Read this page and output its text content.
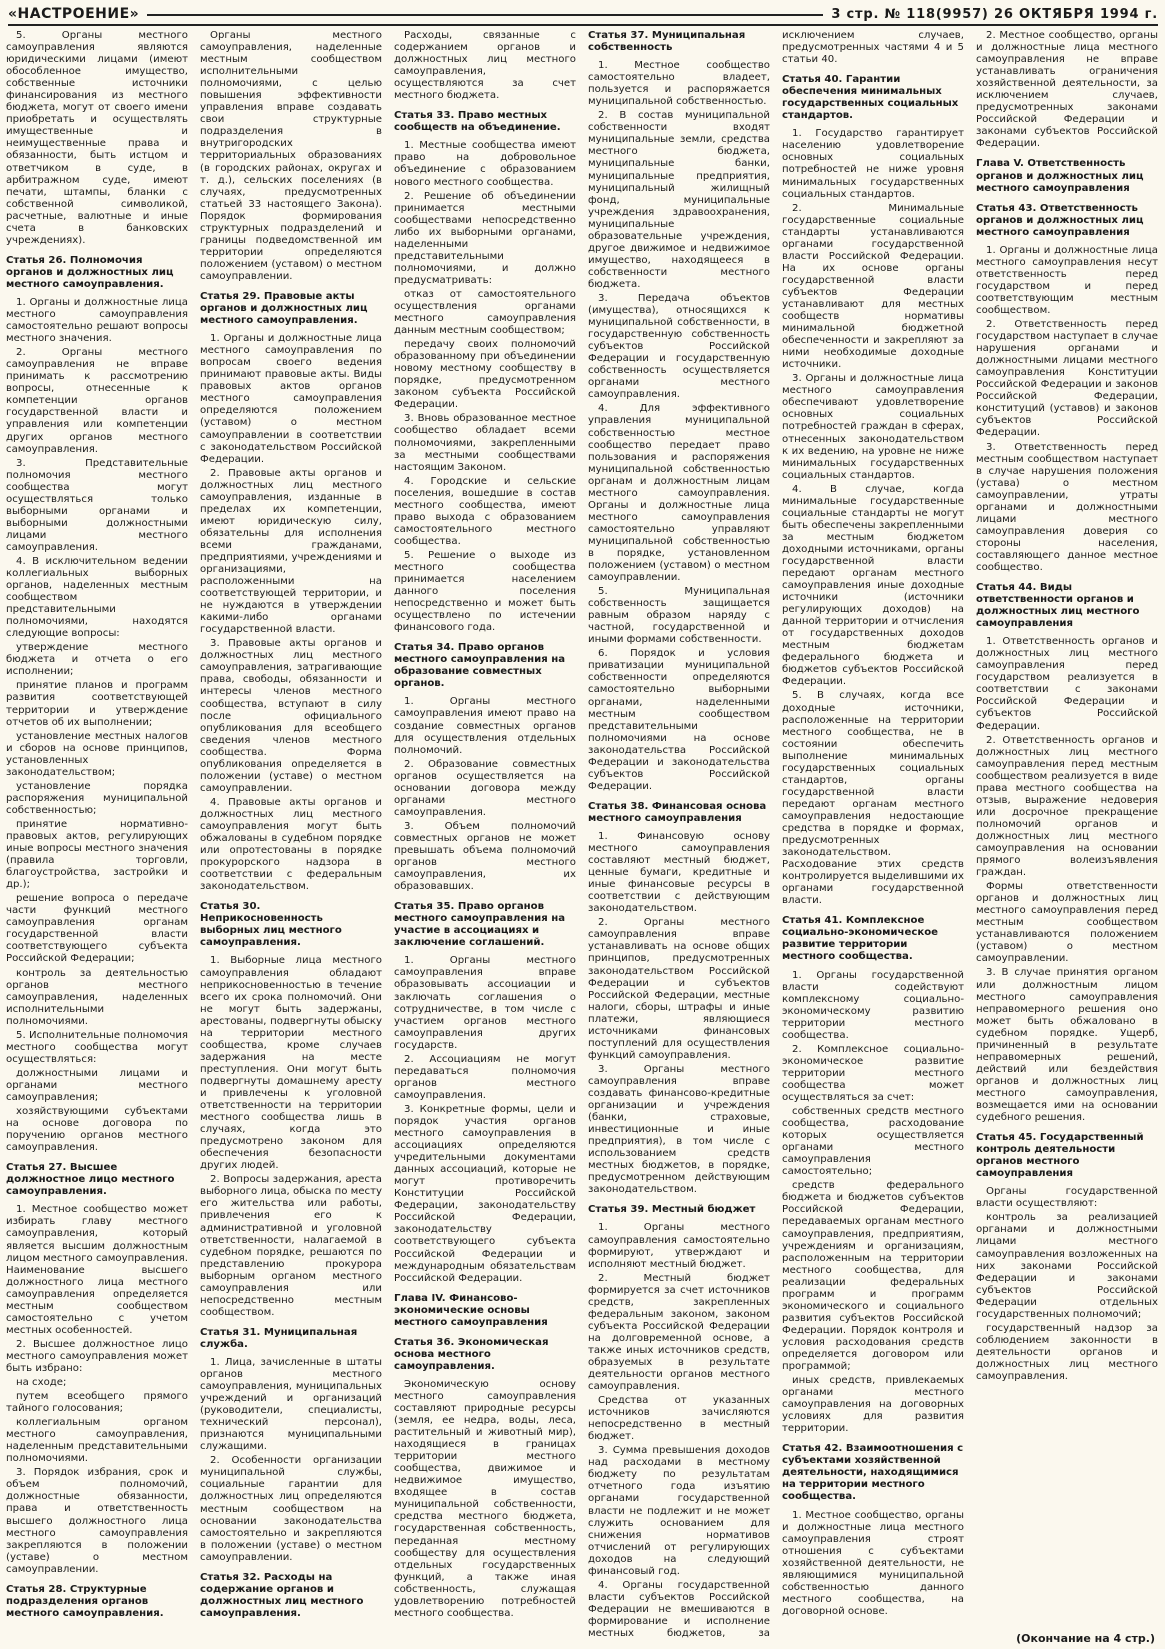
«НАСТРОЕНИЕ»	3 стр. № 118(9957) 26 ОКТЯБРЯ 1994 г.

5. Органы местного самоуправления являются юридическими лицами (имеют обособленное имущество, собственные источники финансирования из местного бюджета, могут от своего имени приобретать и осуществлять имущественные и неимущественные права и обязанности, быть истцом и ответчиком в суде, в арбитражном суде, имеют печати, штампы, бланки с собственной символикой, расчетные, валютные и иные счета в банковских учреждениях).

Статья 26. Полномочия органов и должностных лиц местного самоуправления.

1. Органы и должностные лица местного самоуправления самостоятельно решают вопросы местного значения.

2. Органы местного самоуправления не вправе принимать к рассмотрению вопросы, отнесенные к компетенции органов государственной власти и управления или компетенции других органов местного самоуправления.

3. Представительные полномочия местного сообщества могут осуществляться только выборными органами и выборными должностными лицами местного самоуправления.

4. В исключительном ведении коллегиальных выборных органов, наделенных местным сообществом представительными полномочиями, находятся следующие вопросы:

утверждение местного бюджета и отчета о его исполнении;

принятие планов и программ развития соответствующей территории и утверждение отчетов об их выполнении;

установление местных налогов и сборов на основе принципов, установленных законодательством;

установление порядка распоряжения муниципальной собственностью;

принятие нормативно-правовых актов, регулирующих иные вопросы местного значения (правила торговли, благоустройства, застройки и др.);

решение вопроса о передаче части функций местного самоуправления органам государственной власти соответствующего субъекта Российской Федерации;

контроль за деятельностью органов местного самоуправления, наделенных исполнительными полномочиями.

5. Исполнительные полномочия местного сообщества могут осуществляться:

должностными лицами и органами местного самоуправления;

хозяйствующими субъектами на основе договора по поручению органов местного самоуправления.

Статья 27. Высшее должностное лицо местного самоуправления.

1. Местное сообщество может избирать главу местного самоуправления, который является высшим должностным лицом местного самоуправления. Наименование высшего должностного лица местного самоуправления определяется местным сообществом самостоятельно с учетом местных особенностей.

2. Высшее должностное лицо местного самоуправления может быть избрано:

на сходе;

путем всеобщего прямого тайного голосования;

коллегиальным органом местного самоуправления, наделенным представительными полномочиями.

3. Порядок избрания, срок и объем полномочий, должностные обязанности, права и ответственность высшего должностного лица местного самоуправления закрепляются в положении (уставе) о местном самоуправлении.

Статья 28. Структурные подразделения органов местного самоуправления.

Органы местного самоуправления, наделенные местным сообществом исполнительными полномочиями, с целью повышения эффективности управления вправе создавать свои структурные подразделения в внутригородских территориальных образованиях (в городских районах, округах и т. д.), сельских поселениях (в случаях, предусмотренных статьей 33 настоящего Закона). Порядок формирования структурных подразделений и границы подведомственной им территории определяются положением (уставом) о местном самоуправлении.

Статья 29. Правовые акты органов и должностных лиц местного самоуправления.

1. Органы и должностные лица местного самоуправления по вопросам своего ведения принимают правовые акты. Виды правовых актов органов местного самоуправления определяются положением (уставом) о местном самоуправлении в соответствии с законодательством Российской Федерации.

2. Правовые акты органов и должностных лиц местного самоуправления, изданные в пределах их компетенции, имеют юридическую силу, обязательны для исполнения всеми гражданами, предприятиями, учреждениями и организациями, расположенными на соответствующей территории, и не нуждаются в утверждении какими-либо органами государственной власти.

3. Правовые акты органов и должностных лиц местного самоуправления, затрагивающие права, свободы, обязанности и интересы членов местного сообщества, вступают в силу после официального опубликования для всеобщего сведения членов местного сообщества. Форма опубликования определяется в положении (уставе) о местном самоуправлении.

4. Правовые акты органов и должностных лиц местного самоуправления могут быть обжалованы в судебном порядке или опротестованы в порядке прокурорского надзора в соответствии с федеральным законодательством.

Статья 30. Неприкосновенность выборных лиц местного самоуправления.

1. Выборные лица местного самоуправления обладают неприкосновенностью в течение всего их срока полномочий. Они не могут быть задержаны, арестованы, подвергнуты обыску на территории местного сообщества, кроме случаев задержания на месте преступления. Они могут быть подвергнуты домашнему аресту и привлечены к уголовной ответственности на территории местного сообщества лишь в случаях, когда это предусмотрено законом для обеспечения безопасности других людей.

2. Вопросы задержания, ареста выборного лица, обыска по месту его жительства или работы, привлечения его к административной и уголовной ответственности, налагаемой в судебном порядке, решаются по представлению прокурора выборным органом местного самоуправления или непосредственно местным сообществом.

Статья 31. Муниципальная служба.

1. Лица, зачисленные в штаты органов местного самоуправления, муниципальных учреждений и организаций (руководители, специалисты, технический персонал), признаются муниципальными служащими.

2. Особенности организации муниципальной службы, социальные гарантии для должностных лиц определяются местным сообществом на основании законодательства самостоятельно и закрепляются в положении (уставе) о местном самоуправлении.

Статья 32. Расходы на содержание органов и должностных лиц местного самоуправления.

Расходы, связанные с содержанием органов и должностных лиц местного самоуправления, осуществляются за счет местного бюджета.

Статья 33. Право местных сообществ на объединение.

1. Местные сообщества имеют право на добровольное объединение с образованием нового местного сообщества.

2. Решение об объединении принимается местными сообществами непосредственно либо их выборными органами, наделенными представительными полномочиями, и должно предусматривать:

отказ от самостоятельного осуществления органами местного самоуправления данным местным сообществом;

передачу своих полномочий образованному при объединении новому местному сообществу в порядке, предусмотренном законом субъекта Российской Федерации.

3. Вновь образованное местное сообщество обладает всеми полномочиями, закрепленными за местными сообществами настоящим Законом.

4. Городские и сельские поселения, вошедшие в состав местного сообщества, имеют право выхода с образованием самостоятельного местного сообщества.

5. Решение о выходе из местного сообщества принимается населением данного поселения непосредственно и может быть осуществлено по истечении финансового года.

Статья 34. Право органов местного самоуправления на образование совместных органов.

1. Органы местного самоуправления имеют право на создание совместных органов для осуществления отдельных полномочий.

2. Образование совместных органов осуществляется на основании договора между органами местного самоуправления.

3. Объем полномочий совместных органов не может превышать объема полномочий органов местного самоуправления, их образовавших.

Статья 35. Право органов местного самоуправления на участие в ассоциациях и заключение соглашений.

1. Органы местного самоуправления вправе образовывать ассоциации и заключать соглашения о сотрудничестве, в том числе с участием органов местного самоуправления других государств.

2. Ассоциациям не могут передаваться полномочия органов местного самоуправления.

3. Конкретные формы, цели и порядок участия органов местного самоуправления в ассоциациях определяются учредительными документами данных ассоциаций, которые не могут противоречить Конституции Российской Федерации, законодательству Российской Федерации, законодательству соответствующего субъекта Российской Федерации и международным обязательствам Российской Федерации.

Глава IV. Финансово-экономические основы местного самоуправления
Статья 36. Экономическая основа местного самоуправления.

Экономическую основу местного самоуправления составляют природные ресурсы (земля, ее недра, воды, леса, растительный и животный мир), находящиеся в границах территории местного сообщества, движимое и недвижимое имущество, входящее в состав муниципальной собственности, средства местного бюджета, государственная собственность, переданная местному сообществу для осуществления отдельных государственных функций, а также иная собственность, служащая удовлетворению потребностей местного сообщества.

Статья 37. Муниципальная собственность

1. Местное сообщество самостоятельно владеет, пользуется и распоряжается муниципальной собственностью.

2. В состав муниципальной собственности входят муниципальные земли, средства местного бюджета, муниципальные банки, муниципальные предприятия, муниципальный жилищный фонд, муниципальные учреждения здравоохранения, муниципальные образовательные учреждения, другое движимое и недвижимое имущество, находящееся в собственности местного бюджета.

3. Передача объектов (имущества), относящихся к муниципальной собственности, в государственную собственность субъектов Российской Федерации и государственную собственность осуществляется органами местного самоуправления.

4. Для эффективного управления муниципальной собственностью местное сообщество передает право пользования и распоряжения муниципальной собственностью органам и должностным лицам местного самоуправления. Органы и должностные лица местного самоуправления самостоятельно управляют муниципальной собственностью в порядке, установленном положением (уставом) о местном самоуправлении.

5. Муниципальная собственность защищается равным образом наряду с частной, государственной и иными формами собственности.

6. Порядок и условия приватизации муниципальной собственности определяются самостоятельно выборными органами, наделенными местным сообществом представительными полномочиями на основе законодательства Российской Федерации и законодательства субъектов Российской Федерации.

Статья 38. Финансовая основа местного самоуправления

1. Финансовую основу местного самоуправления составляют местный бюджет, ценные бумаги, кредитные и иные финансовые ресурсы в соответствии с действующим законодательством.

2. Органы местного самоуправления вправе устанавливать на основе общих принципов, предусмотренных законодательством Российской Федерации и субъектов Российской Федерации, местные налоги, сборы, штрафы и иные платежи, являющиеся источниками финансовых поступлений для осуществления функций самоуправления.

3. Органы местного самоуправления вправе создавать финансово-кредитные организации и учреждения (банки, страховые, инвестиционные и иные предприятия), в том числе с использованием средств местных бюджетов, в порядке, предусмотренном действующим законодательством.

Статья 39. Местный бюджет

1. Органы местного самоуправления самостоятельно формируют, утверждают и исполняют местный бюджет.

2. Местный бюджет формируется за счет источников средств, закрепленных федеральным законом, законом субъекта Российской Федерации на долговременной основе, а также иных источников средств, образуемых в результате деятельности органов местного самоуправления.

Средства от указанных источников зачисляются непосредственно в местный бюджет.

3. Сумма превышения доходов над расходами в местному бюджету по результатам отчетного года изъятию органами государственной власти не подлежит и не может служить основанием для снижения нормативов отчислений от регулирующих доходов на следующий финансовый год.

4. Органы государственной власти субъектов Российской Федерации не вмешиваются в формирование и исполнение местных бюджетов, за исключением случаев, предусмотренных частями 4 и 5 статьи 40.

Статья 40. Гарантии обеспечения минимальных государственных социальных стандартов.

1. Государство гарантирует населению удовлетворение основных социальных потребностей не ниже уровня минимальных государственных социальных стандартов.

2. Минимальные государственные социальные стандарты устанавливаются органами государственной власти Российской Федерации. На их основе органы государственной власти субъектов Федерации устанавливают для местных сообществ нормативы минимальной бюджетной обеспеченности и закрепляют за ними необходимые доходные источники.

3. Органы и должностные лица местного самоуправления обеспечивают удовлетворение основных социальных потребностей граждан в сферах, отнесенных законодательством к их ведению, на уровне не ниже минимальных государственных социальных стандартов.

4. В случае, когда минимальные государственные социальные стандарты не могут быть обеспечены закрепленными за местным бюджетом доходными источниками, органы государственной власти передают органам местного самоуправления иные доходные источники (источники регулирующих доходов) на данной территории и отчисления от государственных доходов местным бюджетам федерального бюджета и бюджетов субъектов Российской Федерации.

5. В случаях, когда все доходные источники, расположенные на территории местного сообщества, не в состоянии обеспечить выполнение минимальных государственных социальных стандартов, органы государственной власти передают органам местного самоуправления недостающие средства в порядке и формах, предусмотренных законодательством. Расходование этих средств контролируется выделившими их органами государственной власти.

Статья 41. Комплексное социально-экономическое развитие территории местного сообщества.

1. Органы государственной власти содействуют комплексному социально-экономическому развитию территории местного сообщества.

2. Комплексное социально-экономическое развитие территории местного сообщества может осуществляться за счет:

собственных средств местного сообщества, расходование которых осуществляется органами местного самоуправления самостоятельно;

средств федерального бюджета и бюджетов субъектов Российской Федерации, передаваемых органам местного самоуправления, предприятиям, учреждениям и организациям, расположенным на территории местного сообщества, для реализации федеральных программ и программ экономического и социального развития субъектов Российской Федерации. Порядок контроля и условия расходования средств определяется договором или программой;

иных средств, привлекаемых органами местного самоуправления на договорных условиях для развития территории.

Статья 42. Взаимоотношения с субъектами хозяйственной деятельности, находящимися на территории местного сообщества.

1. Местное сообщество, органы и должностные лица местного самоуправления строят отношения с субъектами хозяйственной деятельности, не являющимися муниципальной собственностью данного местного сообщества, на договорной основе.

2. Местное сообщество, органы и должностные лица местного самоуправления не вправе устанавливать ограничения хозяйственной деятельности, за исключением случаев, предусмотренных законами Российской Федерации и законами субъектов Российской Федерации.

Глава V. Ответственность органов и должностных лиц местного самоуправления
Статья 43. Ответственность органов и должностных лиц местного самоуправления

1. Органы и должностные лица местного самоуправления несут ответственность перед государством и перед соответствующим местным сообществом.

2. Ответственность перед государством наступает в случае нарушения органами и должностными лицами местного самоуправления Конституции Российской Федерации и законов Российской Федерации, конституций (уставов) и законов субъектов Российской Федерации.

3. Ответственность перед местным сообществом наступает в случае нарушения положения (устава) о местном самоуправлении, утраты органами и должностными лицами местного самоуправления доверия со стороны населения, составляющего данное местное сообщество.

Статья 44. Виды ответственности органов и должностных лиц местного самоуправления

1. Ответственность органов и должностных лиц местного самоуправления перед государством реализуется в соответствии с законами Российской Федерации и субъектов Российской Федерации.

2. Ответственность органов и должностных лиц местного самоуправления перед местным сообществом реализуется в виде права местного сообщества на отзыв, выражение недоверия или досрочное прекращение полномочий органов и должностных лиц местного самоуправления на основании прямого волеизъявления граждан.

Формы ответственности органов и должностных лиц местного самоуправления перед местным сообществом устанавливаются положением (уставом) о местном самоуправлении.

3. В случае принятия органом или должностным лицом местного самоуправления неправомерного решения оно может быть обжаловано в судебном порядке. Ущерб, причиненный в результате неправомерных решений, действий или бездействия органов и должностных лиц местного самоуправления, возмещается ими на основании судебного решения.

Статья 45. Государственный контроль деятельности органов местного самоуправления

Органы государственной власти осуществляют:

контроль за реализацией органами и должностными лицами местного самоуправления возложенных на них законами Российской Федерации и законами субъектов Российской Федерации отдельных государственных полномочий;

государственный надзор за соблюдением законности в деятельности органов и должностных лиц местного самоуправления.

(Окончание на 4 стр.)
